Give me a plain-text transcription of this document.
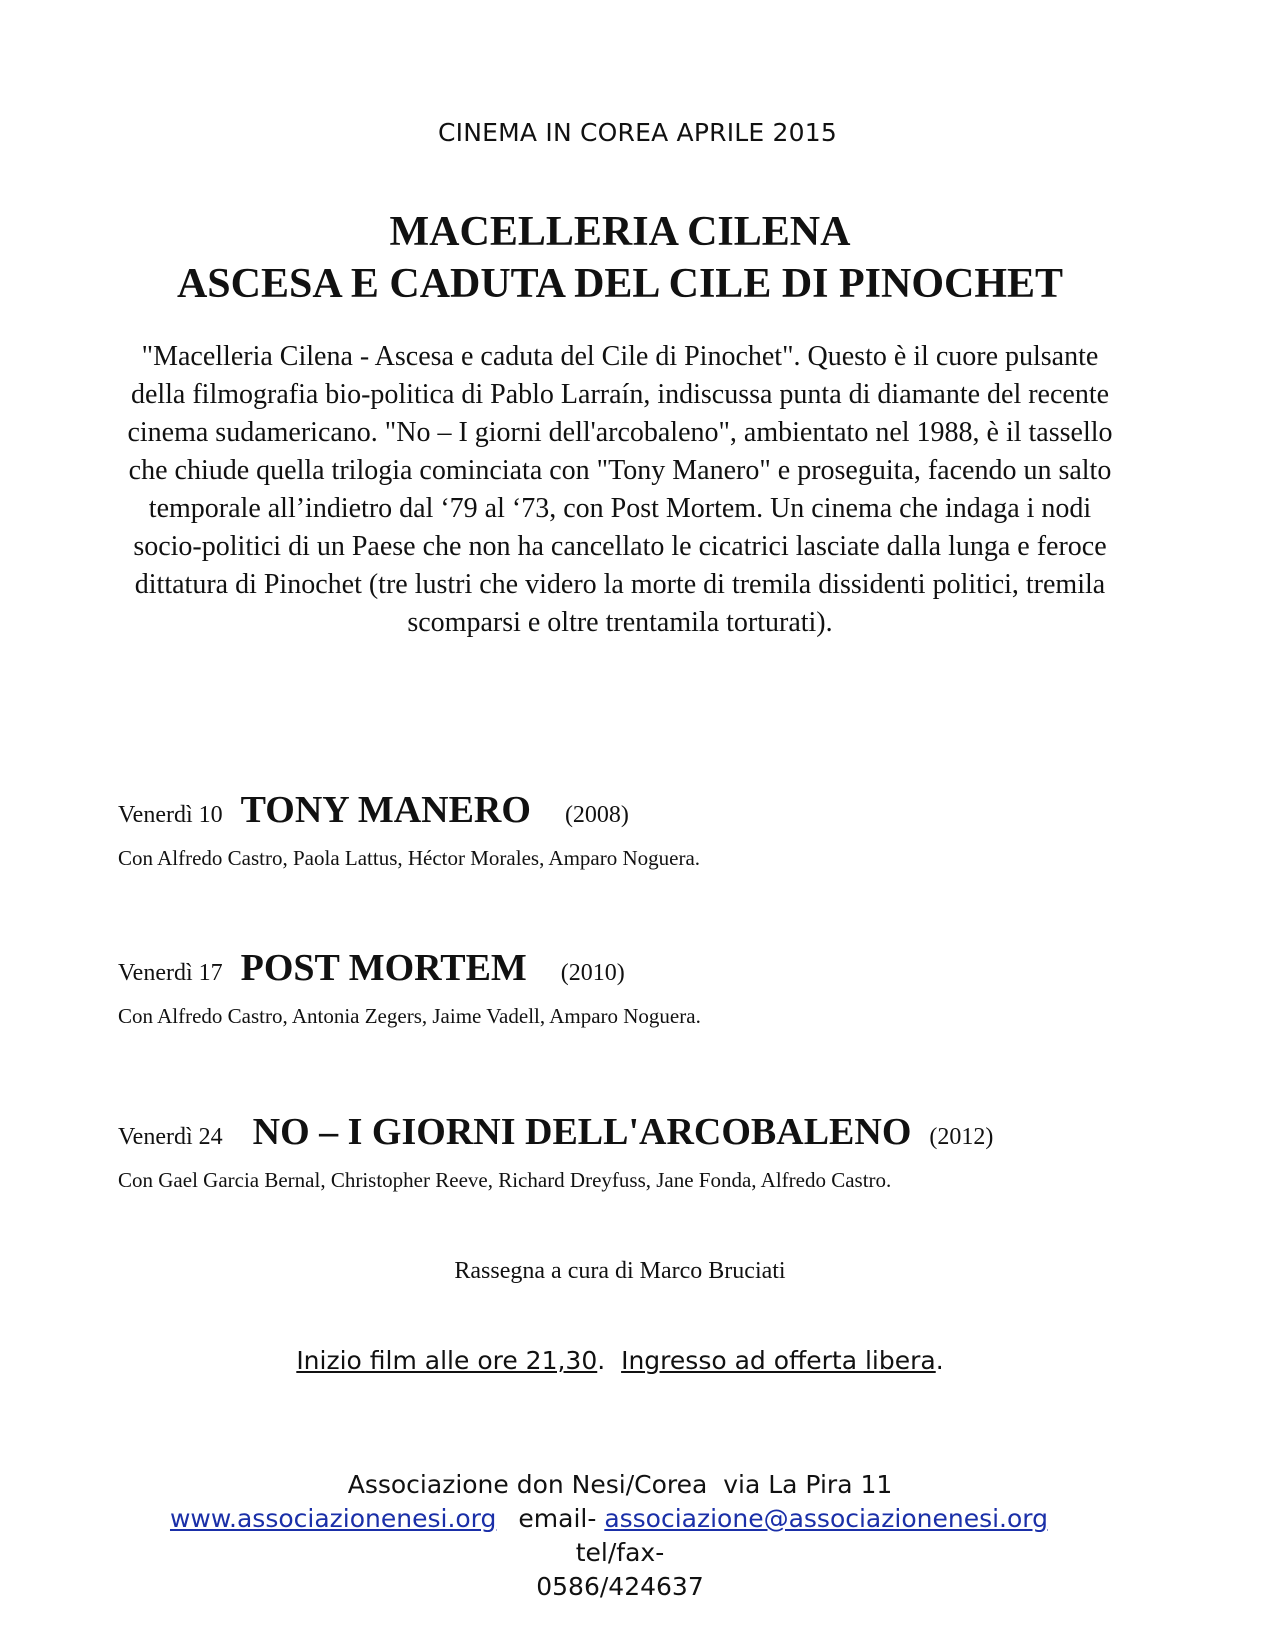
CINEMA IN COREA APRILE 2015
MACELLERIA CILENA
ASCESA E CADUTA DEL CILE DI PINOCHET
"Macelleria Cilena - Ascesa e caduta del Cile di Pinochet". Questo è il cuore pulsante della filmografia bio-politica di Pablo Larraín, indiscussa punta di diamante del recente cinema sudamericano. "No – I giorni dell'arcobaleno", ambientato nel 1988, è il tassello che chiude quella trilogia cominciata con "Tony Manero" e proseguita, facendo un salto temporale all’indietro dal ‘79 al ‘73, con Post Mortem. Un cinema che indaga i nodi socio-politici di un Paese che non ha cancellato le cicatrici lasciate dalla lunga e feroce dittatura di Pinochet (tre lustri che videro la morte di tremila dissidenti politici, tremila scomparsi e oltre trentamila torturati).
Venerdì 10 TONY MANERO (2008)
Con Alfredo Castro, Paola Lattus, Héctor Morales, Amparo Noguera.
Venerdì 17 POST MORTEM (2010)
Con Alfredo Castro, Antonia Zegers, Jaime Vadell, Amparo Noguera.
Venerdì 24 NO – I GIORNI DELL'ARCOBALENO (2012)
Con Gael Garcia Bernal, Christopher Reeve, Richard Dreyfuss, Jane Fonda, Alfredo Castro.
Rassegna a cura di Marco Bruciati
Inizio film alle ore 21,30.  Ingresso ad offerta libera.
Associazione don Nesi/Corea  via La Pira 11
www.associazionenesi.org email- associazione@associazionenesi.orgtel/fax-
0586/424637
